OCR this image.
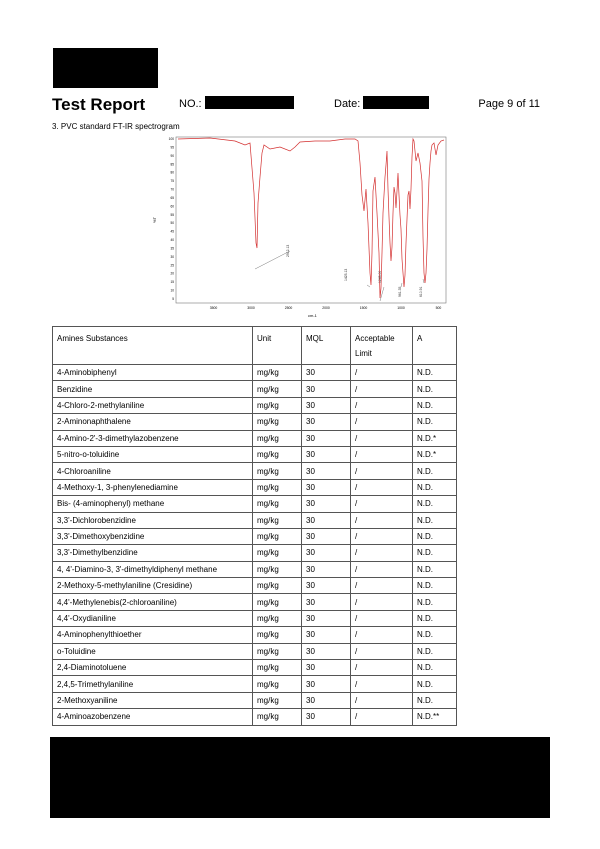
Test Report	NO.:	Date:	Page 9 of 11
3. PVC standard FT-IR spectrogram
5
10
15
20
25
30
35
40
45
50
55
60
65
70
75
80
85
90
95
100
3500	3000	2500	2000	1500	1000	500
%T
cm-1
2912.13
1425.13	1245.00
961.35	610.91
Amines Substances	Unit	MQL	Acceptable Limit	A
4-Aminobiphenyl	mg/kg	30	/	N.D.
Benzidine	mg/kg	30	/	N.D.
4-Chloro-2-methylaniline	mg/kg	30	/	N.D.
2-Aminonaphthalene	mg/kg	30	/	N.D.
4-Amino-2'-3-dimethylazobenzene	mg/kg	30	/	N.D.*
5-nitro-o-toluidine	mg/kg	30	/	N.D.*
4-Chloroaniline	mg/kg	30	/	N.D.
4-Methoxy-1, 3-phenylenediamine	mg/kg	30	/	N.D.
Bis- (4-aminophenyl) methane	mg/kg	30	/	N.D.
3,3'-Dichlorobenzidine	mg/kg	30	/	N.D.
3,3'-Dimethoxybenzidine	mg/kg	30	/	N.D.
3,3'-Dimethylbenzidine	mg/kg	30	/	N.D.
4, 4'-Diamino-3, 3'-dimethyldiphenyl methane	mg/kg	30	/	N.D.
2-Methoxy-5-methylaniline (Cresidine)	mg/kg	30	/	N.D.
4,4'-Methylenebis(2-chloroaniline)	mg/kg	30	/	N.D.
4,4'-Oxydianiline	mg/kg	30	/	N.D.
4-Aminophenylthioether	mg/kg	30	/	N.D.
o-Toluidine	mg/kg	30	/	N.D.
2,4-Diaminotoluene	mg/kg	30	/	N.D.
2,4,5-Trimethylaniline	mg/kg	30	/	N.D.
2-Methoxyaniline	mg/kg	30	/	N.D.
4-Aminoazobenzene	mg/kg	30	/	N.D.**
